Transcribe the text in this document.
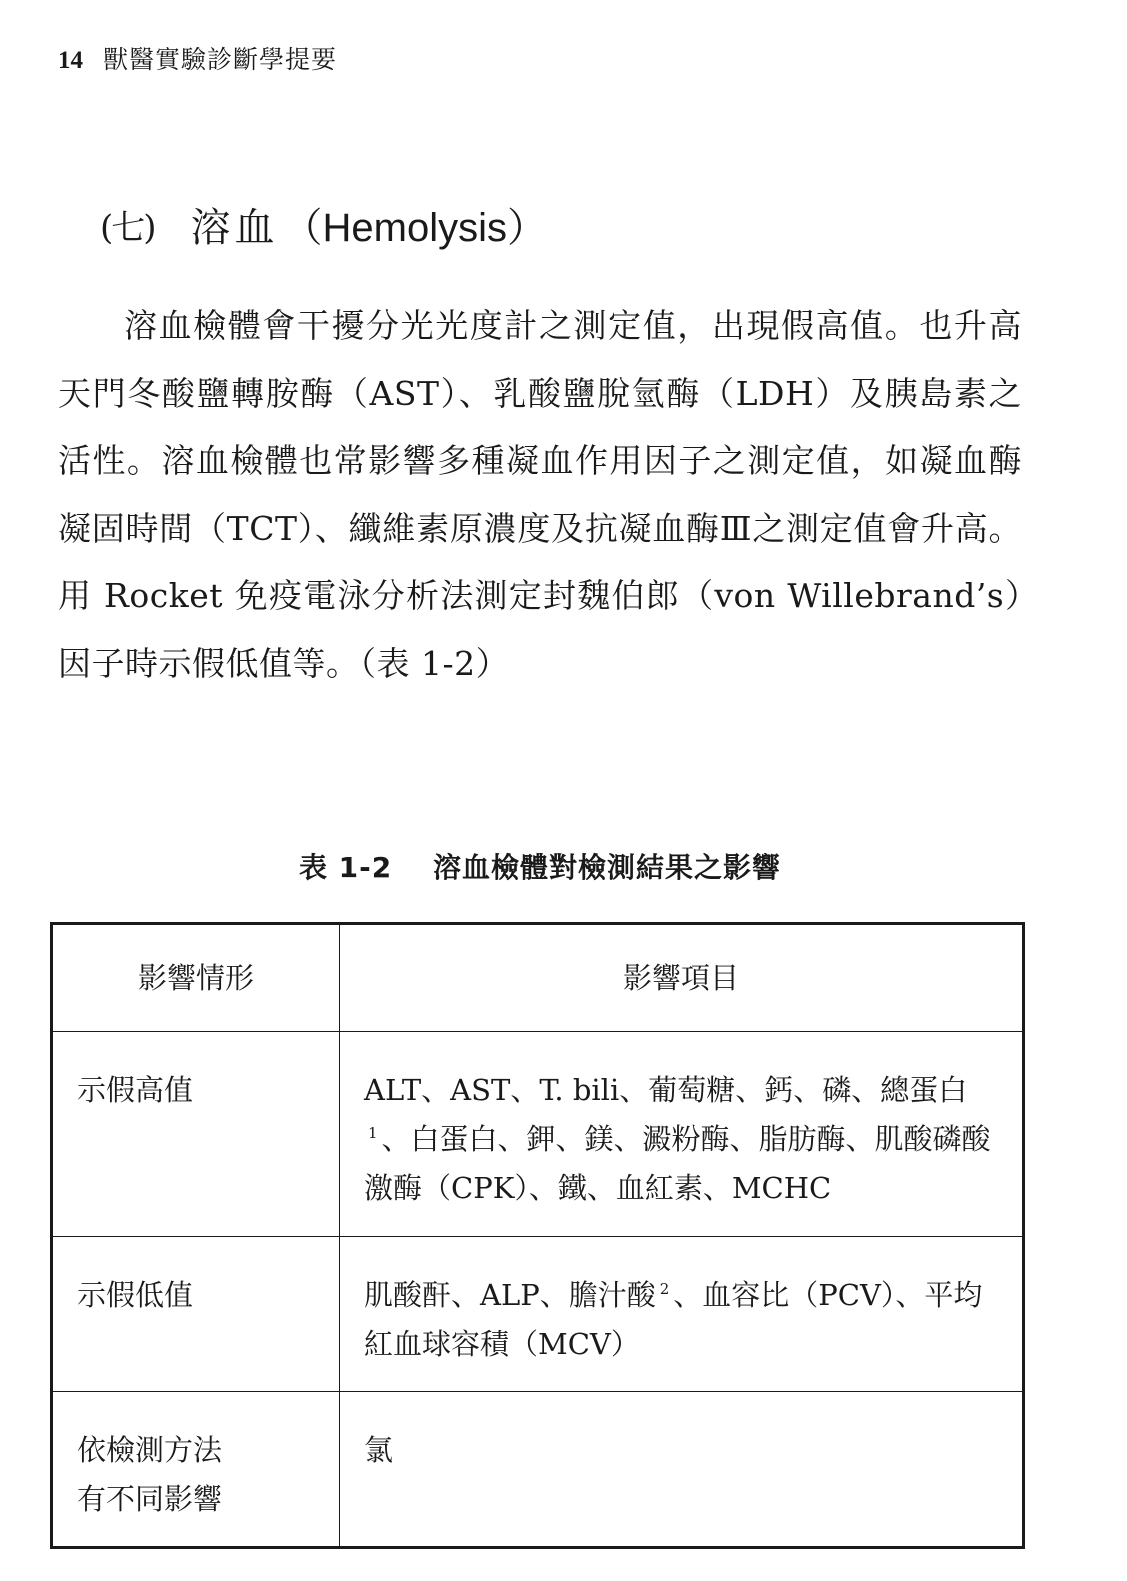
14 獸醫實驗診斷學提要
(七) 溶血 （Hemolysis）

溶血檢體會干擾分光光度計之測定值，出現假高值。也升高天門冬酸鹽轉胺酶（AST）、乳酸鹽脫氫酶（LDH）及胰島素之活性。溶血檢體也常影響多種凝血作用因子之測定值，如凝血酶凝固時間（TCT）、纖維素原濃度及抗凝血酶Ⅲ之測定值會升高。用 Rocket 免疫電泳分析法測定封魏伯郎（von Willebrand’s）因子時示假低值等。（表 1-2）

表 1-2 溶血檢體對檢測結果之影響
影響情形	影響項目
示假高值	ALT、AST、T. bili、葡萄糖、鈣、磷、總蛋白$^1$ 、白蛋白、鉀、鎂、澱粉酶、脂肪酶、肌酸磷酸激酶（CPK）、鐵、血紅素、MCHC
示假低值	肌酸酐、ALP、膽汁酸 $^2$ 、血容比（PCV）、平均紅血球容積（MCV）

依檢測方法
有不同影響	氯
